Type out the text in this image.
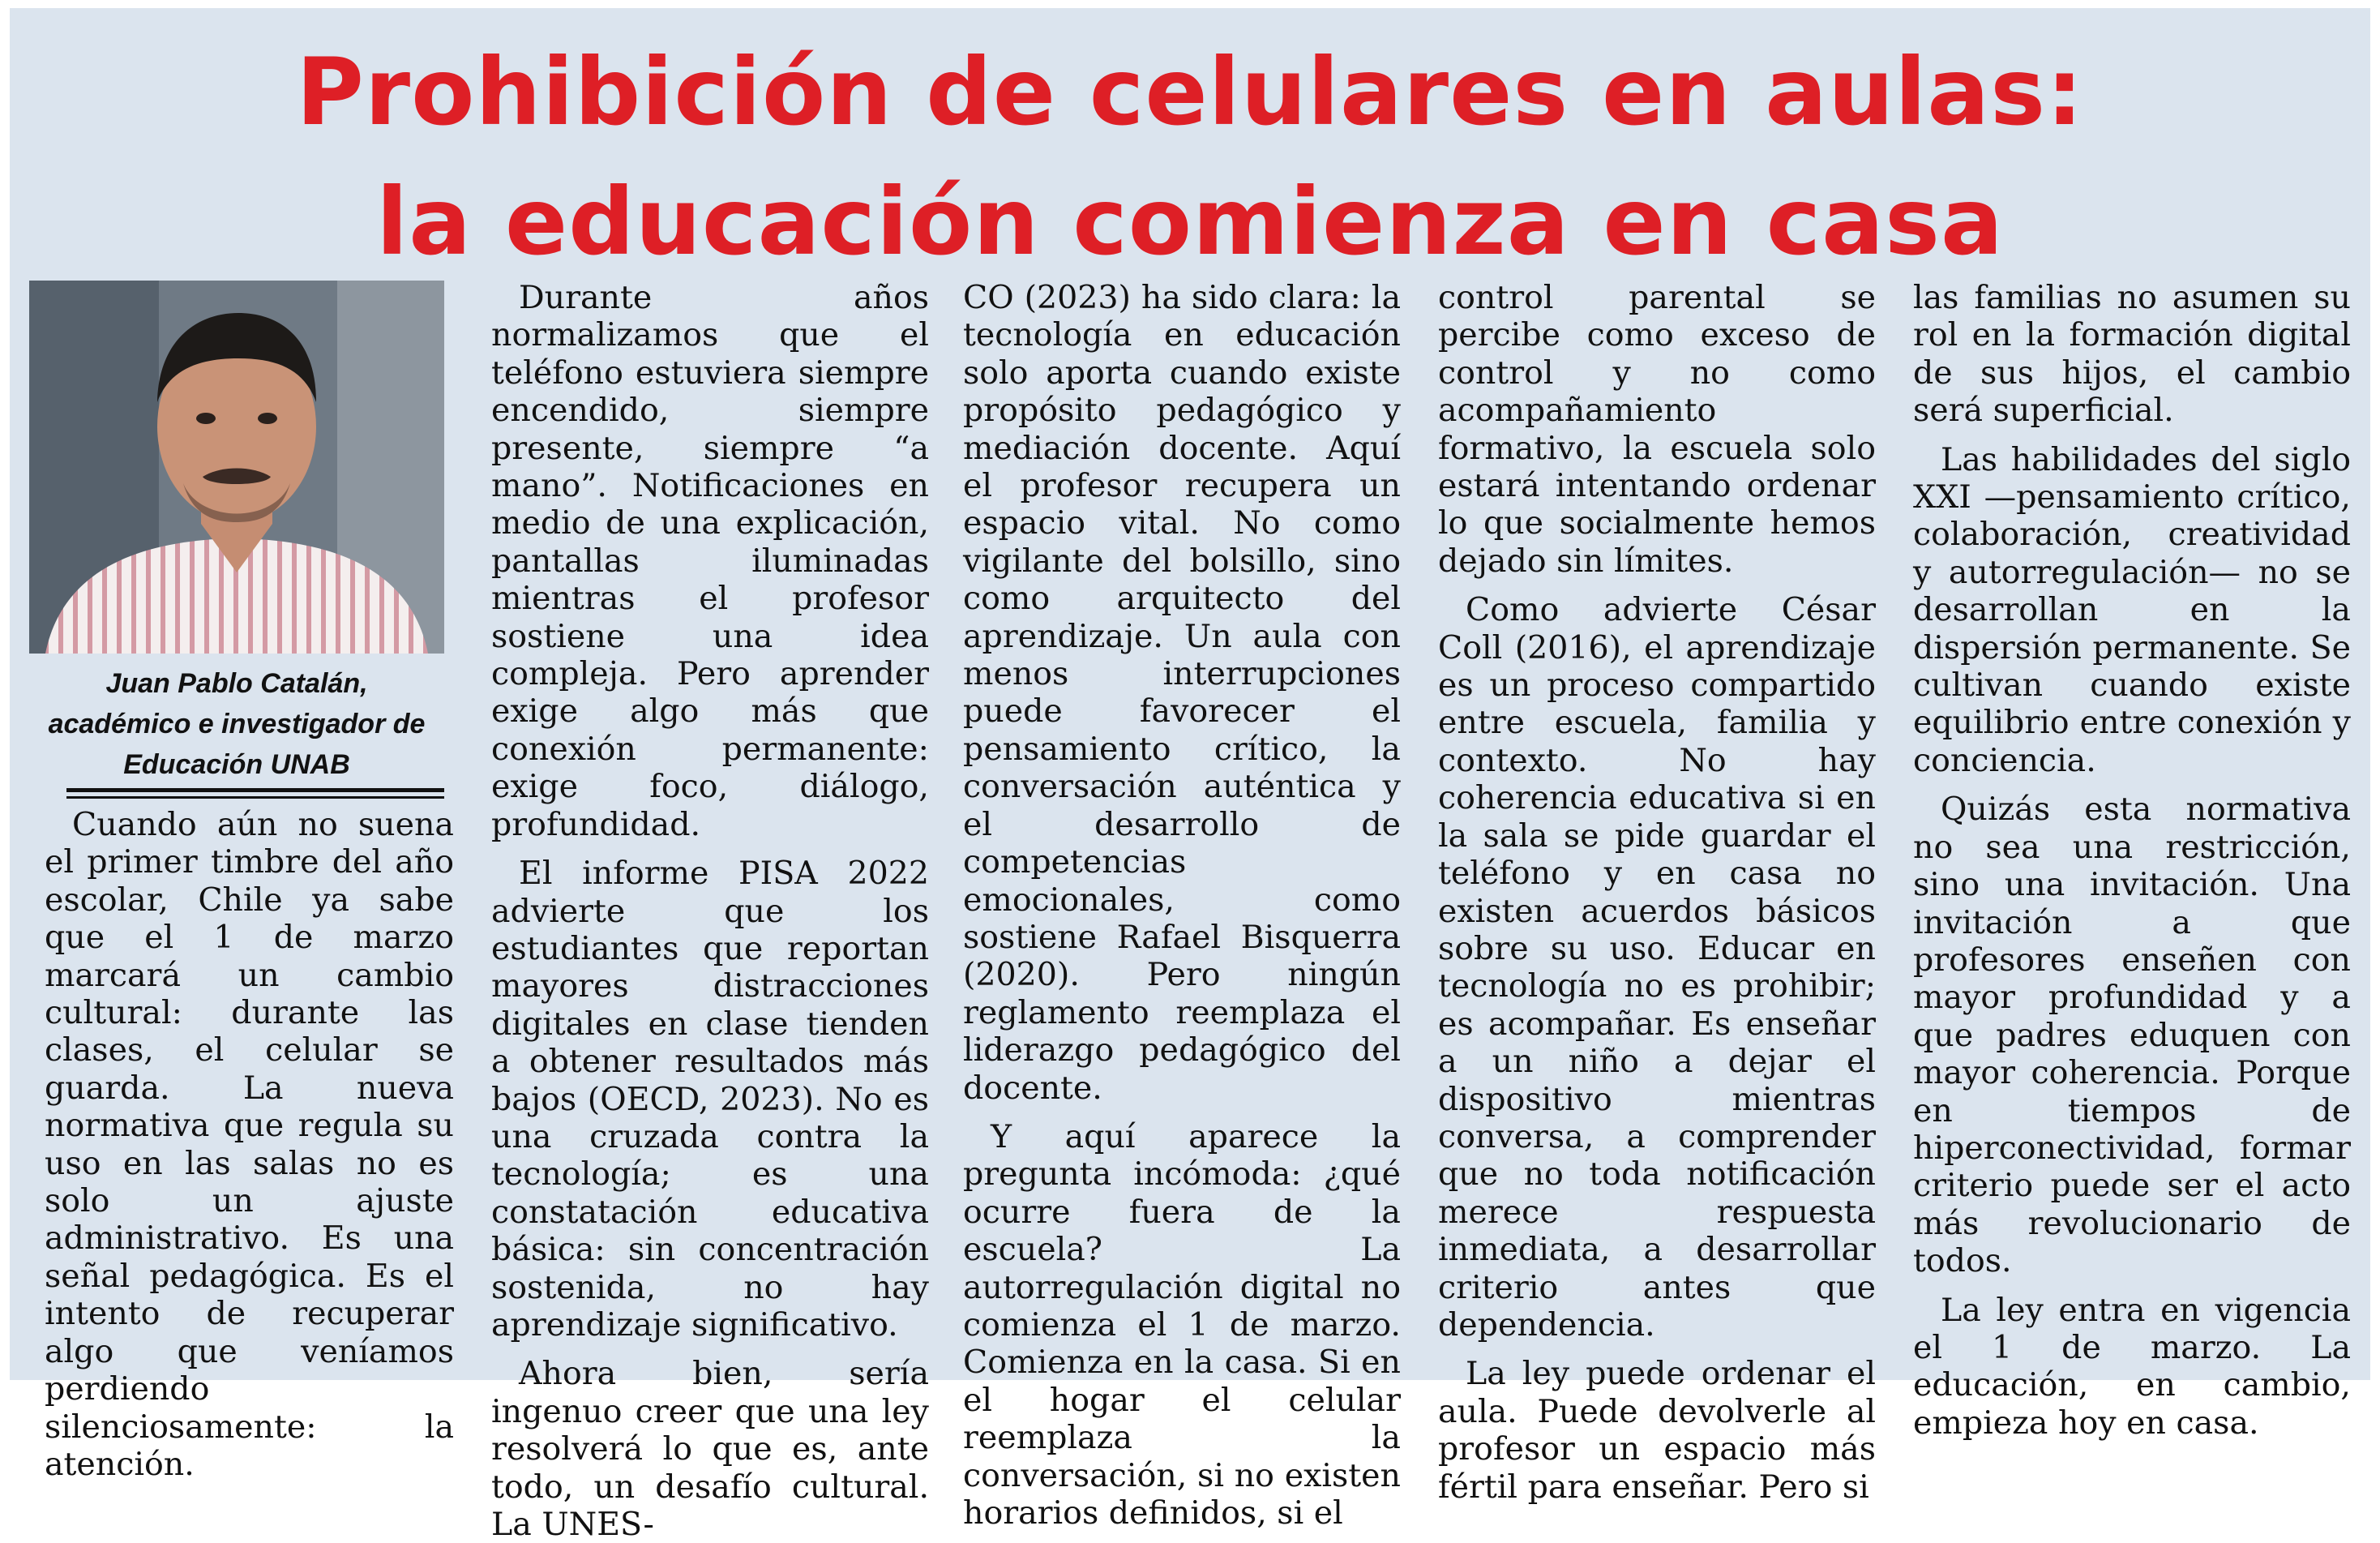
Prohibición de celulares en aulas:
la educación comienza en casa
Juan Pablo Catalán,
académico e investigador de
Educación UNAB

Cuando aún no suena el primer timbre del año escolar, Chile ya sabe que el 1 de marzo marcará un cambio cultural: durante las clases, el celular se guarda. La nueva normativa que regula su uso en las salas no es solo un ajuste administrativo. Es una señal pedagógica. Es el intento de recuperar algo que veníamos perdiendo silenciosamente: la atención.

Durante años normalizamos que el teléfono estuviera siempre encendido, siempre presente, siempre “a mano”. Notificaciones en medio de una explicación, pantallas iluminadas mientras el profesor sostiene una idea compleja. Pero aprender exige algo más que conexión permanente: exige foco, diálogo, profundidad.

El informe PISA 2022 advierte que los estudiantes que reportan mayores distracciones digitales en clase tienden a obtener resultados más bajos (OECD, 2023). No es una cruzada contra la tecnología; es una constatación educativa básica: sin concentración sostenida, no hay aprendizaje significativo.

Ahora bien, sería ingenuo creer que una ley resolverá lo que es, ante todo, un desafío cultural. La UNES-

CO (2023) ha sido clara: la tecnología en educación solo aporta cuando existe propósito pedagógico y mediación docente. Aquí el profesor recupera un espacio vital. No como vigilante del bolsillo, sino como arquitecto del aprendizaje. Un aula con menos interrupciones puede favorecer el pensamiento crítico, la conversación auténtica y el desarrollo de competencias emocionales, como sostiene Rafael Bisquerra (2020). Pero ningún reglamento reemplaza el liderazgo pedagógico del docente.

Y aquí aparece la pregunta incómoda: ¿qué ocurre fuera de la escuela? La autorregulación digital no comienza el 1 de marzo. Comienza en la casa. Si en el hogar el celular reemplaza la conversación, si no existen horarios definidos, si el

control parental se percibe como exceso de control y no como acompañamiento formativo, la escuela solo estará intentando ordenar lo que socialmente hemos dejado sin límites.

Como advierte César Coll (2016), el aprendizaje es un proceso compartido entre escuela, familia y contexto. No hay coherencia educativa si en la sala se pide guardar el teléfono y en casa no existen acuerdos básicos sobre su uso. Educar en tecnología no es prohibir; es acompañar. Es enseñar a un niño a dejar el dispositivo mientras conversa, a comprender que no toda notificación merece respuesta inmediata, a desarrollar criterio antes que dependencia.

La ley puede ordenar el aula. Puede devolverle al profesor un espacio más fértil para enseñar. Pero si

las familias no asumen su rol en la formación digital de sus hijos, el cambio será superficial.

Las habilidades del siglo XXI —pensamiento crítico, colaboración, creatividad y autorregulación— no se desarrollan en la dispersión permanente. Se cultivan cuando existe equilibrio entre conexión y conciencia.

Quizás esta normativa no sea una restricción, sino una invitación. Una invitación a que profesores enseñen con mayor profundidad y a que padres eduquen con mayor coherencia. Porque en tiempos de hiperconectividad, formar criterio puede ser el acto más revolucionario de todos.

La ley entra en vigencia el 1 de marzo. La educación, en cambio, empieza hoy en casa.
